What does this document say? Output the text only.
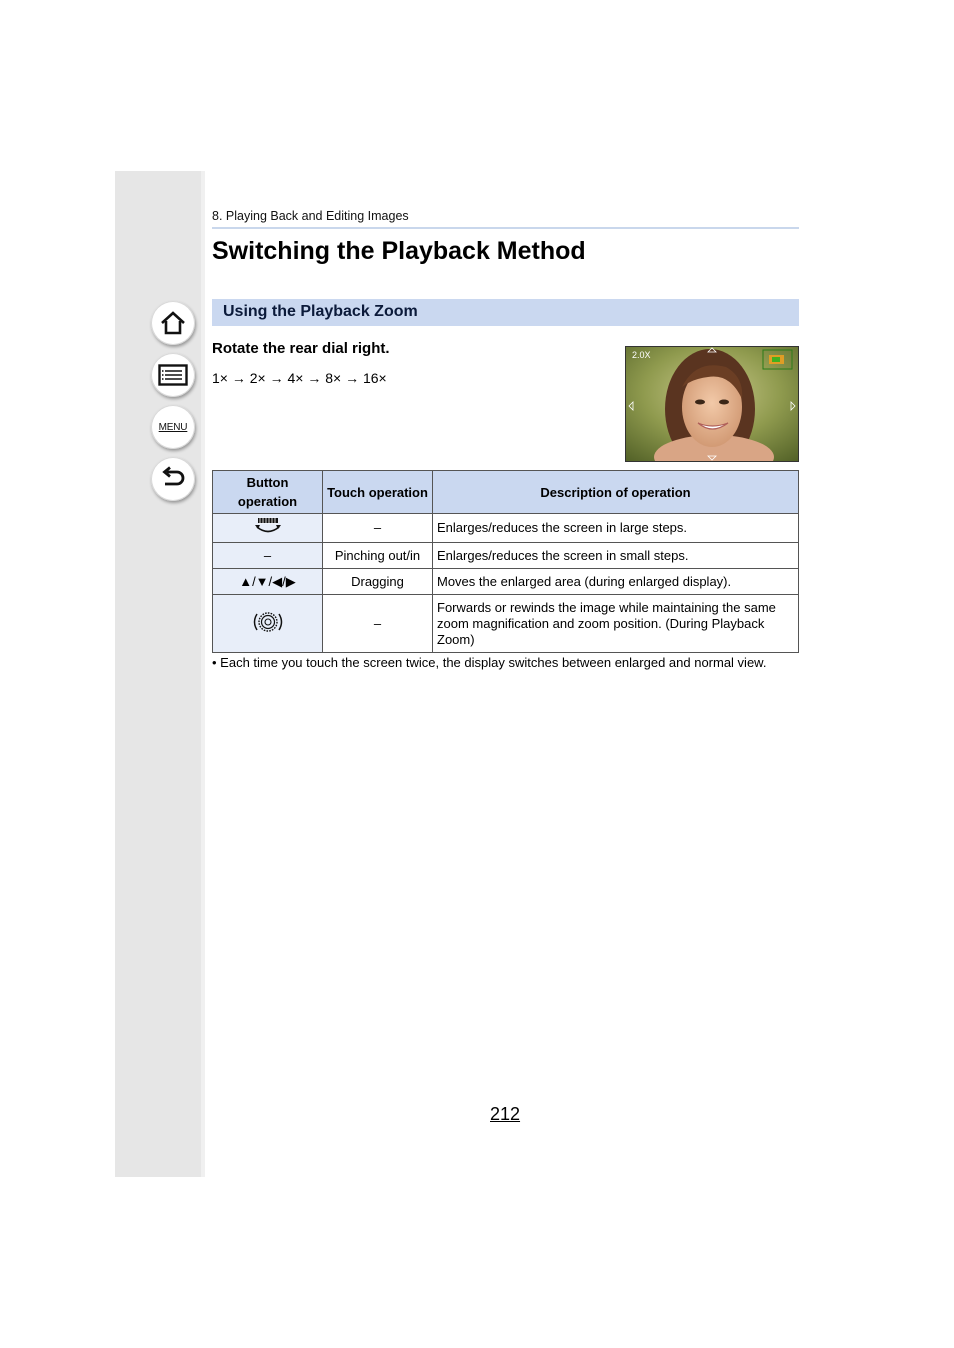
MENU
8. Playing Back and Editing Images
Switching the Playback Method
Using the Playback Zoom
Rotate the rear dial right.
1× → 2× → 4× → 8× → 16×
2.0X
Button operation	Touch operation	Description of operation
	–	Enlarges/reduces the screen in large steps.
–	Pinching out/in	Enlarges/reduces the screen in small steps.
▲/▼/◀/▶	Dragging	Moves the enlarged area (during enlarged display).
	–	Forwards or rewinds the image while maintaining the same zoom magnification and zoom position. (During Playback Zoom)
• Each time you touch the screen twice, the display switches between enlarged and normal view.
212
